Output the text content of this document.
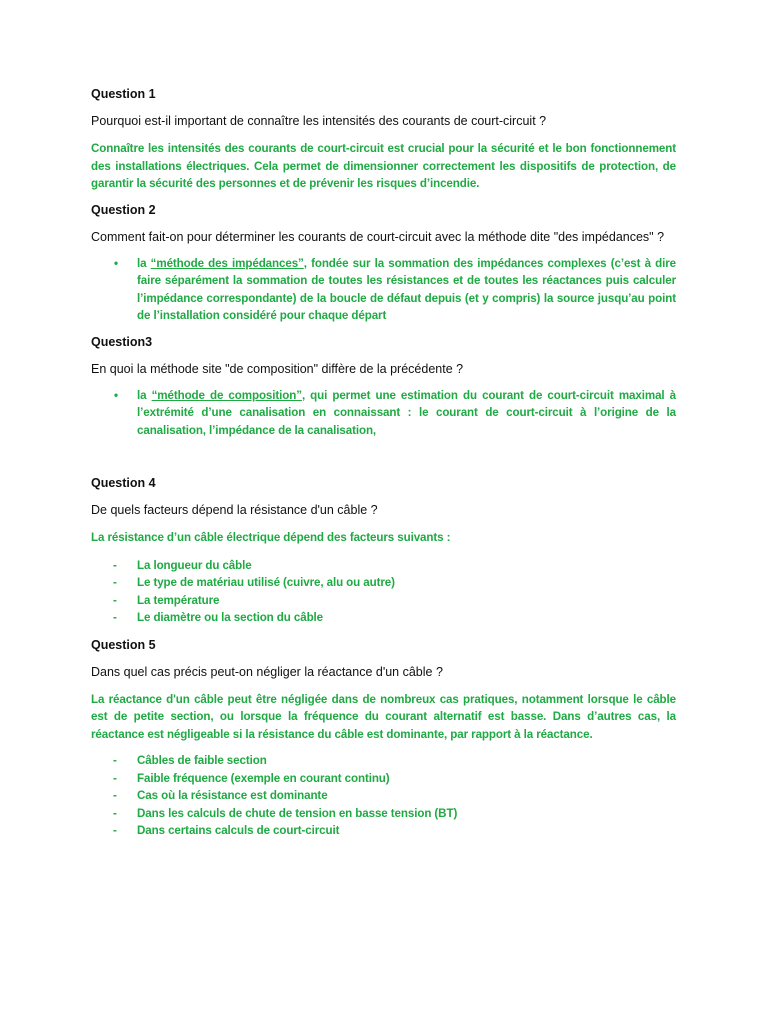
Question 1

Pourquoi est-il important de connaître les intensités des courants de court-circuit ?

Connaître les intensités des courants de court-circuit est crucial pour la sécurité et le bon fonctionnement des installations électriques. Cela permet de dimensionner correctement les dispositifs de protection, de garantir la sécurité des personnes et de prévenir les risques d’incendie.

Question 2

Comment fait-on pour déterminer les courants de court-circuit avec la méthode dite "des impédances" ?

• la “méthode des impédances”, fondée sur la sommation des impédances complexes (c’est à dire faire séparément la sommation de toutes les résistances et de toutes les réactances puis calculer l’impédance correspondante) de la boucle de défaut depuis (et y compris) la source jusqu’au point de l’installation considéré pour chaque départ

Question3

En quoi la méthode site "de composition" diffère de la précédente ?

• la “méthode de composition”, qui permet une estimation du courant de court-circuit maximal à l’extrémité d’une canalisation en connaissant : le courant de court-circuit à l’origine de la canalisation, l’impédance de la canalisation,

Question 4

De quels facteurs dépend la résistance d'un câble ?

La résistance d’un câble électrique dépend des facteurs suivants :

- La longueur du câble
- Le type de matériau utilisé (cuivre, alu ou autre)
- La température
- Le diamètre ou la section du câble

Question 5

Dans quel cas précis peut-on négliger la réactance d'un câble ?

La réactance d'un câble peut être négligée dans de nombreux cas pratiques, notamment lorsque le câble est de petite section, ou lorsque la fréquence du courant alternatif est basse. Dans d’autres cas, la réactance est négligeable si la résistance du câble est dominante, par rapport à la réactance.

- Câbles de faible section
- Faible fréquence (exemple en courant continu)
- Cas où la résistance est dominante
- Dans les calculs de chute de tension en basse tension (BT)
- Dans certains calculs de court-circuit
